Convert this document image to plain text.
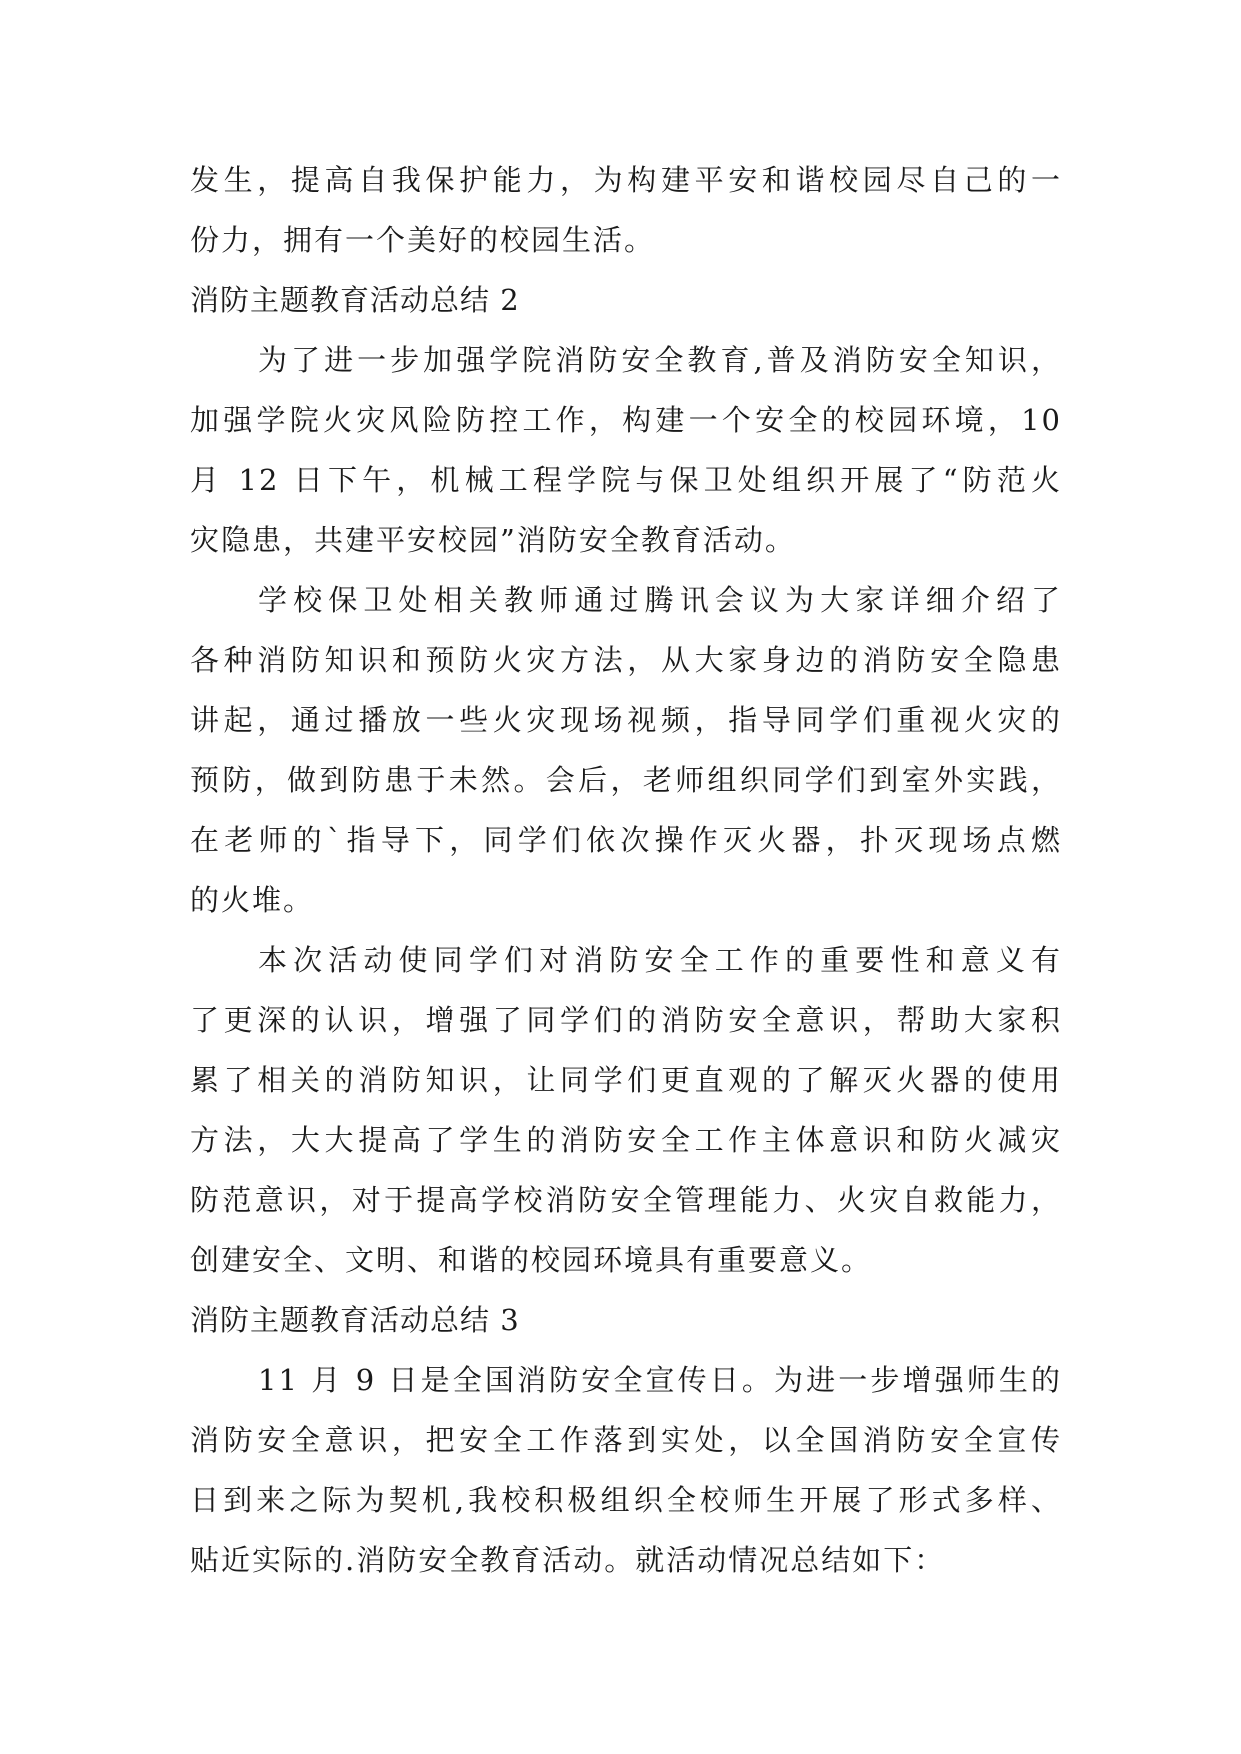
发生，提高自我保护能力，为构建平安和谐校园尽自己的一
份力，拥有一个美好的校园生活。
消防主题教育活动总结 2
为了进一步加强学院消防安全教育,普及消防安全知识，
加强学院火灾风险防控工作，构建一个安全的校园环境，10
月 12 日下午，机械工程学院与保卫处组织开展了“防范火
灾隐患，共建平安校园”消防安全教育活动。
学校保卫处相关教师通过腾讯会议为大家详细介绍了
各种消防知识和预防火灾方法，从大家身边的消防安全隐患
讲起，通过播放一些火灾现场视频，指导同学们重视火灾的
预防，做到防患于未然。会后，老师组织同学们到室外实践，
在老师的`指导下，同学们依次操作灭火器，扑灭现场点燃
的火堆。
本次活动使同学们对消防安全工作的重要性和意义有
了更深的认识，增强了同学们的消防安全意识，帮助大家积
累了相关的消防知识，让同学们更直观的了解灭火器的使用
方法，大大提高了学生的消防安全工作主体意识和防火减灾
防范意识，对于提高学校消防安全管理能力、火灾自救能力，
创建安全、文明、和谐的校园环境具有重要意义。
消防主题教育活动总结 3
11 月 9 日是全国消防安全宣传日。为进一步增强师生的
消防安全意识，把安全工作落到实处，以全国消防安全宣传
日到来之际为契机,我校积极组织全校师生开展了形式多样、
贴近实际的.消防安全教育活动。就活动情况总结如下：
